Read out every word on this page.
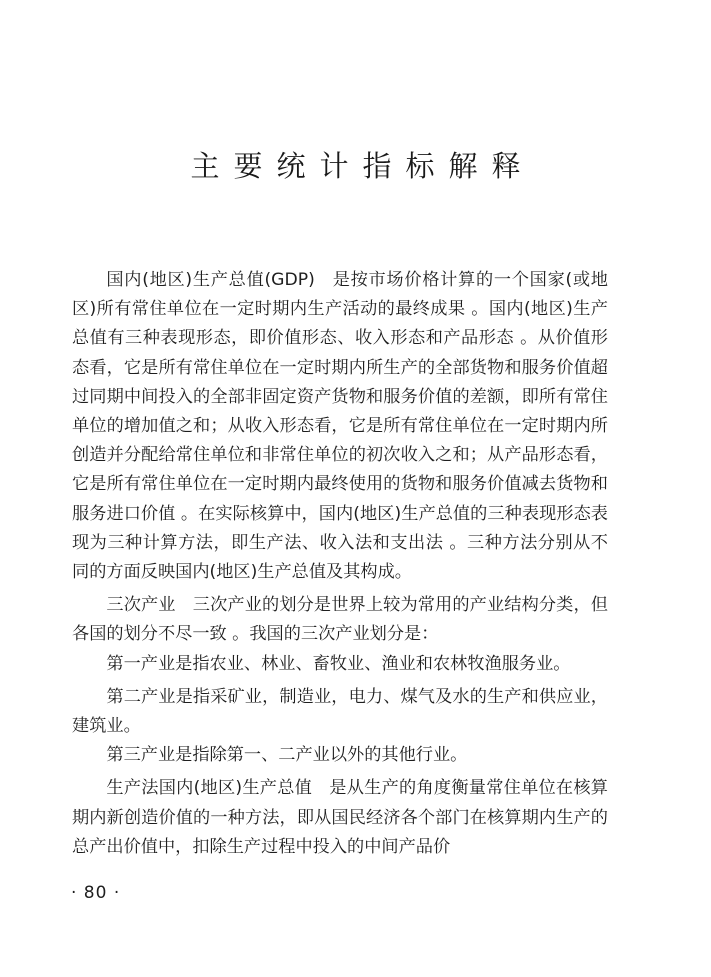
主要统计指标解释

国内(地区)生产总值(GDP) 是按市场价格计算的一个国家(或地区)所有常住单位在一定时期内生产活动的最终成果 。国内(地区)生产总值有三种表现形态，即价值形态、收入形态和产品形态 。从价值形态看，它是所有常住单位在一定时期内所生产的全部货物和服务价值超过同期中间投入的全部非固定资产货物和服务价值的差额，即所有常住单位的增加值之和；从收入形态看，它是所有常住单位在一定时期内所创造并分配给常住单位和非常住单位的初次收入之和；从产品形态看，它是所有常住单位在一定时期内最终使用的货物和服务价值减去货物和服务进口价值 。在实际核算中，国内(地区)生产总值的三种表现形态表现为三种计算方法，即生产法、收入法和支出法 。三种方法分别从不同的方面反映国内(地区)生产总值及其构成。

三次产业 三次产业的划分是世界上较为常用的产业结构分类，但各国的划分不尽一致 。我国的三次产业划分是：

第一产业是指农业、林业、畜牧业、渔业和农林牧渔服务业。

第二产业是指采矿业，制造业，电力、煤气及水的生产和供应业，建筑业。

第三产业是指除第一、二产业以外的其他行业。

生产法国内(地区)生产总值 是从生产的角度衡量常住单位在核算期内新创造价值的一种方法，即从国民经济各个部门在核算期内生产的总产出价值中，扣除生产过程中投入的中间产品价

· 80 ·
